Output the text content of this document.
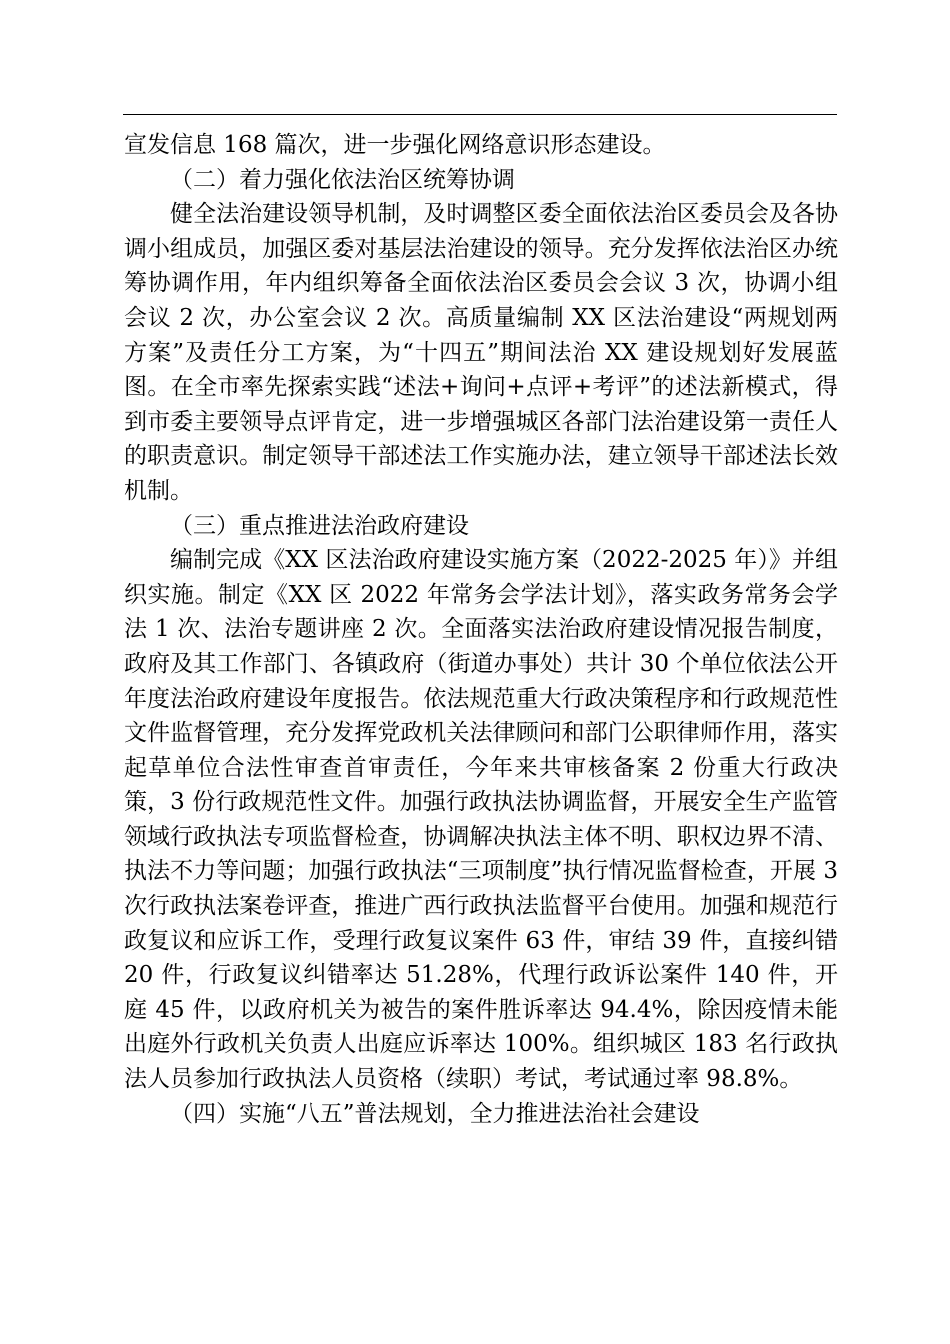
宣发信息 168 篇次，进一步强化网络意识形态建设。

（二）着力强化依法治区统筹协调

健全法治建设领导机制，及时调整区委全面依法治区委员会及各协调小组成员，加强区委对基层法治建设的领导。充分发挥依法治区办统筹协调作用，年内组织筹备全面依法治区委员会会议 3 次，协调小组会议 2 次，办公室会议 2 次。高质量编制 XX 区法治建设“两规划两方案”及责任分工方案，为“十四五”期间法治 XX 建设规划好发展蓝图。在全市率先探索实践“述法+询问+点评+考评”的述法新模式，得到市委主要领导点评肯定，进一步增强城区各部门法治建设第一责任人的职责意识。制定领导干部述法工作实施办法，建立领导干部述法长效机制。

（三）重点推进法治政府建设

编制完成《XX 区法治政府建设实施方案（2022-2025 年）》并组织实施。制定《XX 区 2022 年常务会学法计划》，落实政务常务会学法 1 次、法治专题讲座 2 次。全面落实法治政府建设情况报告制度，政府及其工作部门、各镇政府（街道办事处）共计 30 个单位依法公开年度法治政府建设年度报告。依法规范重大行政决策程序和行政规范性文件监督管理，充分发挥党政机关法律顾问和部门公职律师作用，落实起草单位合法性审查首审责任，今年来共审核备案 2 份重大行政决策，3 份行政规范性文件。加强行政执法协调监督，开展安全生产监管领域行政执法专项监督检查，协调解决执法主体不明、职权边界不清、执法不力等问题；加强行政执法“三项制度”执行情况监督检查，开展 3 次行政执法案卷评查，推进广西行政执法监督平台使用。加强和规范行政复议和应诉工作，受理行政复议案件 63 件，审结 39 件，直接纠错 20 件，行政复议纠错率达 51.28%，代理行政诉讼案件 140 件，开庭 45 件，以政府机关为被告的案件胜诉率达 94.4%，除因疫情未能出庭外行政机关负责人出庭应诉率达 100%。组织城区 183 名行政执法人员参加行政执法人员资格（续职）考试，考试通过率 98.8%。

（四）实施“八五”普法规划，全力推进法治社会建设
